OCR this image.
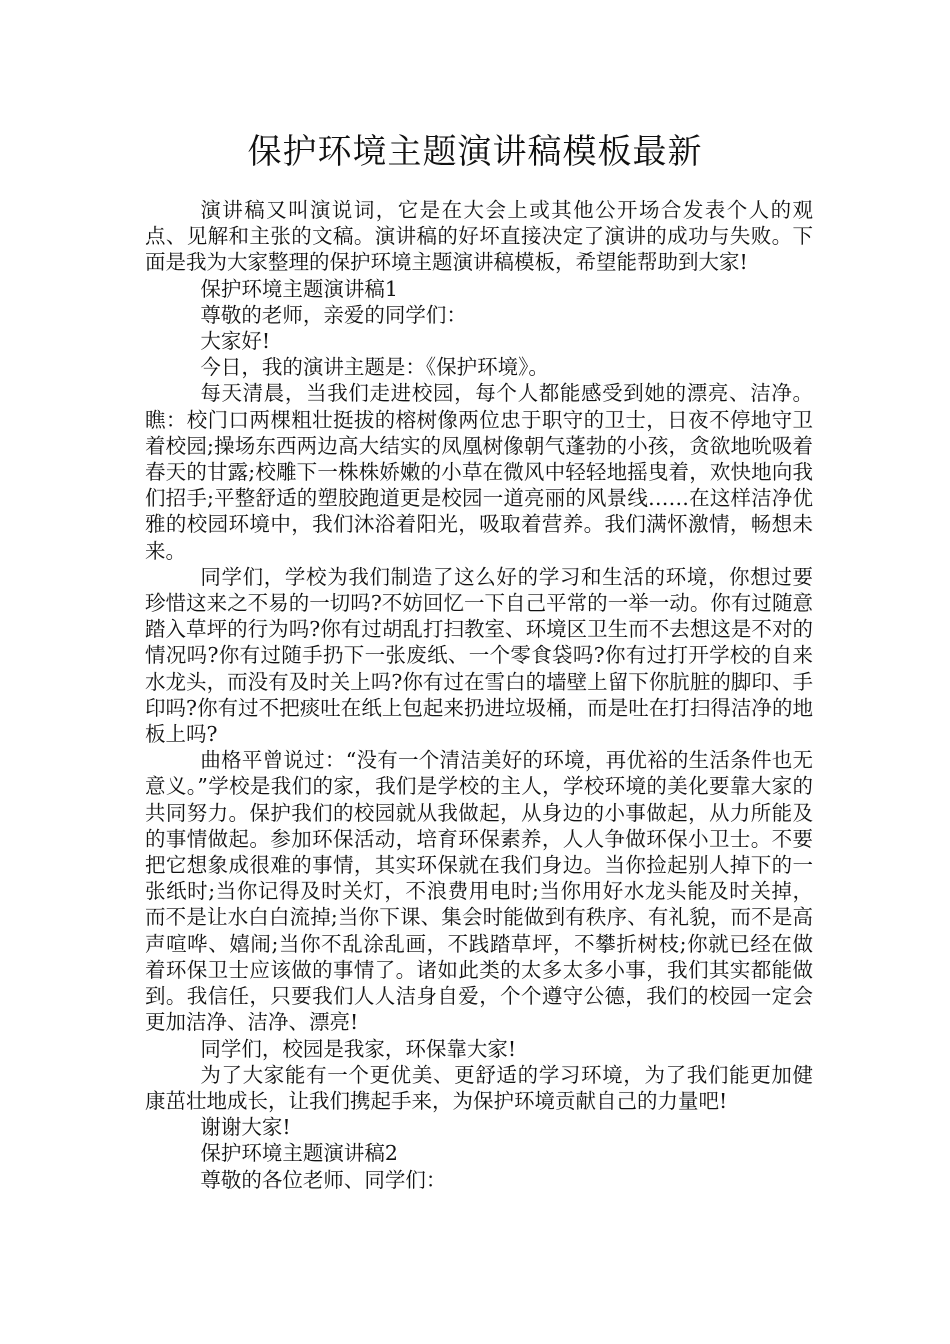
保护环境主题演讲稿模板最新

演讲稿又叫演说词，它是在大会上或其他公开场合发表个人的观点、见解和主张的文稿。演讲稿的好坏直接决定了演讲的成功与失败。下面是我为大家整理的保护环境主题演讲稿模板，希望能帮助到大家!

保护环境主题演讲稿1

尊敬的老师，亲爱的同学们：

大家好!

今日，我的演讲主题是：《保护环境》。

每天清晨，当我们走进校园，每个人都能感受到她的漂亮、洁净。瞧：校门口两棵粗壮挺拔的榕树像两位忠于职守的卫士，日夜不停地守卫着校园;操场东西两边高大结实的凤凰树像朝气蓬勃的小孩，贪欲地吮吸着春天的甘露;校雕下一株株娇嫩的小草在微风中轻轻地摇曳着，欢快地向我们招手;平整舒适的塑胶跑道更是校园一道亮丽的风景线……在这样洁净优雅的校园环境中，我们沐浴着阳光，吸取着营养。我们满怀激情，畅想未来。

同学们，学校为我们制造了这么好的学习和生活的环境，你想过要珍惜这来之不易的一切吗?不妨回忆一下自己平常的一举一动。你有过随意踏入草坪的行为吗?你有过胡乱打扫教室、环境区卫生而不去想这是不对的情况吗?你有过随手扔下一张废纸、一个零食袋吗?你有过打开学校的自来水龙头，而没有及时关上吗?你有过在雪白的墙壁上留下你肮脏的脚印、手印吗?你有过不把痰吐在纸上包起来扔进垃圾桶，而是吐在打扫得洁净的地板上吗?

曲格平曾说过：“没有一个清洁美好的环境，再优裕的生活条件也无意义。”学校是我们的家，我们是学校的主人，学校环境的美化要靠大家的共同努力。保护我们的校园就从我做起，从身边的小事做起，从力所能及的事情做起。参加环保活动，培育环保素养，人人争做环保小卫士。不要把它想象成很难的事情，其实环保就在我们身边。当你捡起别人掉下的一张纸时;当你记得及时关灯，不浪费用电时;当你用好水龙头能及时关掉，而不是让水白白流掉;当你下课、集会时能做到有秩序、有礼貌，而不是高声喧哗、嬉闹;当你不乱涂乱画，不践踏草坪，不攀折树枝;你就已经在做着环保卫士应该做的事情了。诸如此类的太多太多小事，我们其实都能做到。我信任，只要我们人人洁身自爱，个个遵守公德，我们的校园一定会更加洁净、洁净、漂亮!

同学们，校园是我家，环保靠大家!

为了大家能有一个更优美、更舒适的学习环境，为了我们能更加健康茁壮地成长，让我们携起手来，为保护环境贡献自己的力量吧!

谢谢大家!

保护环境主题演讲稿2

尊敬的各位老师、同学们：
